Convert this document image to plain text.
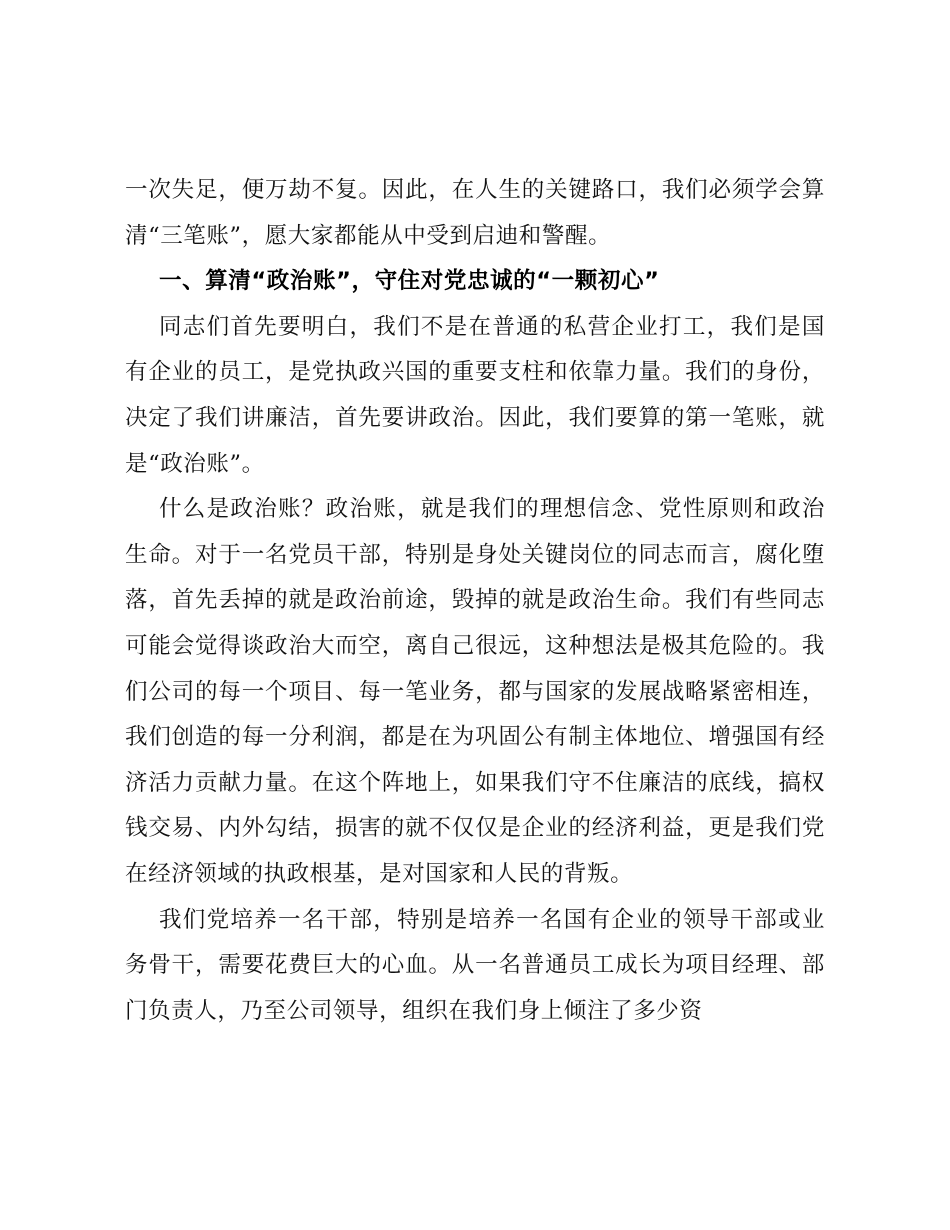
一次失足，便万劫不复。因此，在人生的关键路口，我们必须学会算清“三笔账”，愿大家都能从中受到启迪和警醒。

一、算清“政治账”，守住对党忠诚的“一颗初心”

同志们首先要明白，我们不是在普通的私营企业打工，我们是国有企业的员工，是党执政兴国的重要支柱和依靠力量。我们的身份，决定了我们讲廉洁，首先要讲政治。因此，我们要算的第一笔账，就是“政治账”。

什么是政治账？政治账，就是我们的理想信念、党性原则和政治生命。对于一名党员干部，特别是身处关键岗位的同志而言，腐化堕落，首先丢掉的就是政治前途，毁掉的就是政治生命。我们有些同志可能会觉得谈政治大而空，离自己很远，这种想法是极其危险的。我们公司的每一个项目、每一笔业务，都与国家的发展战略紧密相连，我们创造的每一分利润，都是在为巩固公有制主体地位、增强国有经济活力贡献力量。在这个阵地上，如果我们守不住廉洁的底线，搞权钱交易、内外勾结，损害的就不仅仅是企业的经济利益，更是我们党在经济领域的执政根基，是对国家和人民的背叛。

我们党培养一名干部，特别是培养一名国有企业的领导干部或业务骨干，需要花费巨大的心血。从一名普通员工成长为项目经理、部门负责人，乃至公司领导，组织在我们身上倾注了多少资
